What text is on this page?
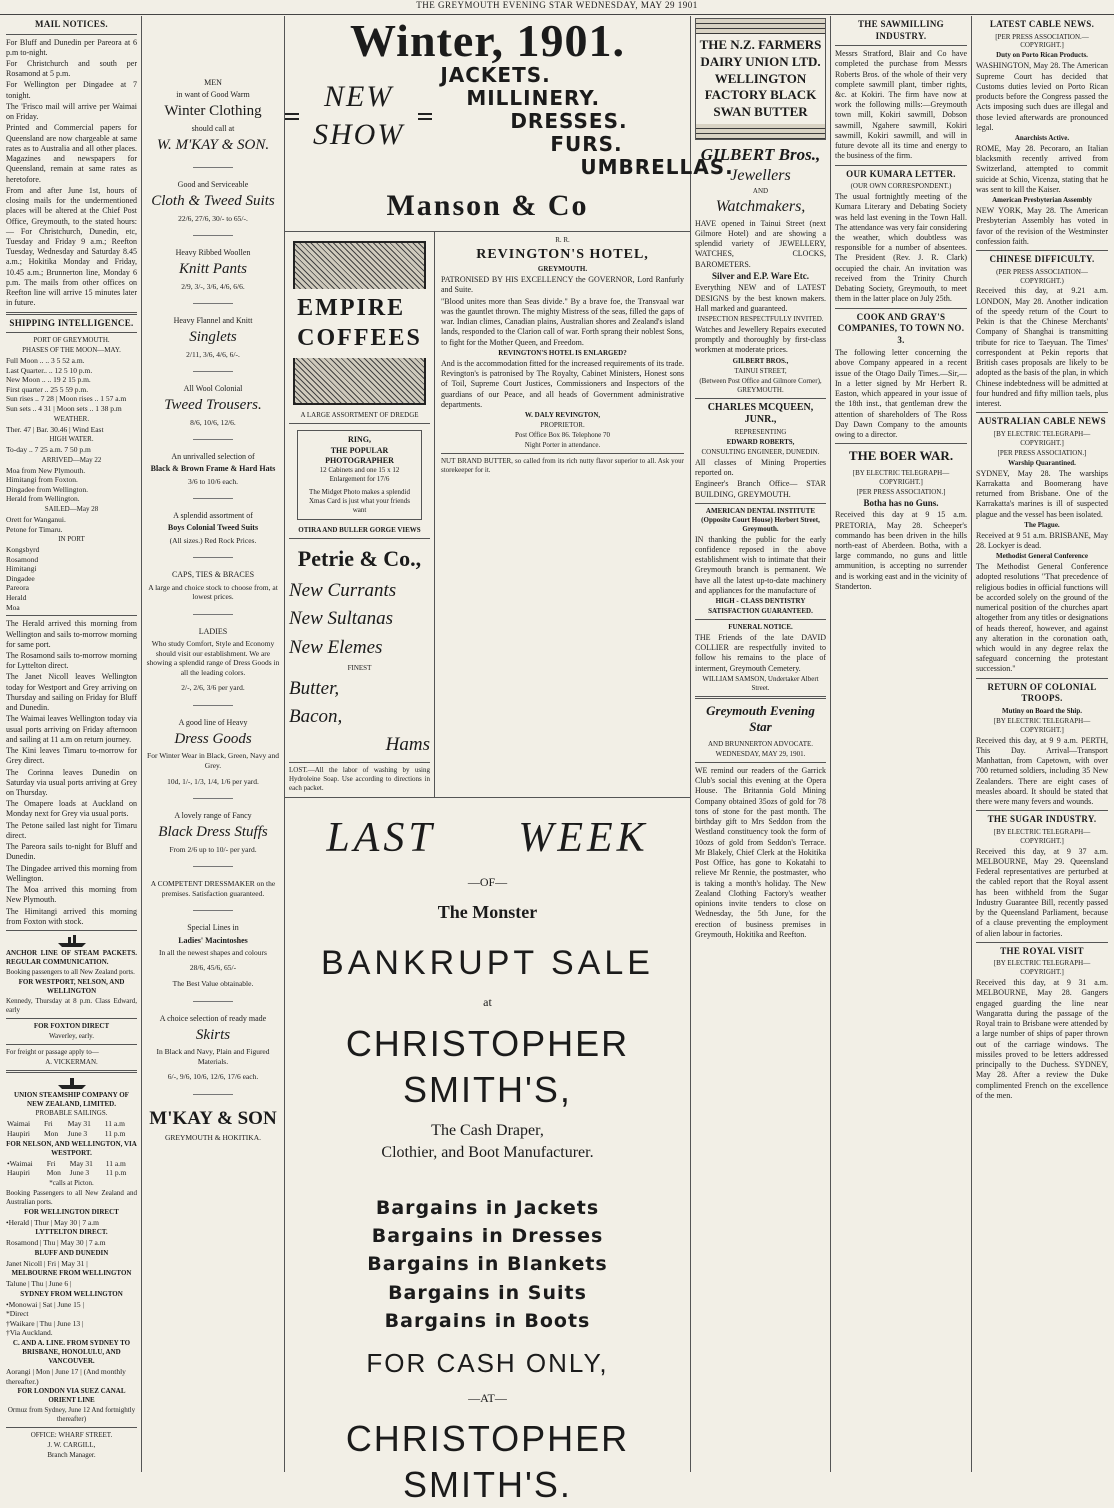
THE GREYMOUTH EVENING STAR WEDNESDAY, MAY 29 1901
MAIL NOTICES.

For Bluff and Dunedin per Pareora at 6 p.m to-night.

For Christchurch and south per Rosamond at 5 p.m.

For Wellington per Dingadee at 7 tonight.

The 'Frisco mail will arrive per Waimai on Friday.

Printed and Commercial papers for Queensland are now chargeable at same rates as to Australia and all other places. Magazines and newspapers for Queensland, remain at same rates as heretofore.

From and after June 1st, hours of closing mails for the undermentioned places will be altered at the Chief Post Office, Greymouth, to the stated hours:— For Christchurch, Dunedin, etc, Tuesday and Friday 9 a.m.; Reefton Tuesday, Wednesday and Saturday 8.45 a.m.; Hokitika Monday and Friday, 10.45 a.m.; Brunnerton line, Monday 6 p.m. The mails from other offices on Reefton line will arrive 15 minutes later in future.

SHIPPING INTELLIGENCE.
PORT OF GREYMOUTH.
PHASES OF THE MOON—MAY.
Full Moon .. .. 3 5 52 a.m.
Last Quarter.. .. 12 5 10 p.m.
New Moon .. .. 19 2 15 p.m.
First quarter .. 25 5 59 p.m.
Sun rises .. 7 28 | Moon rises .. 1 57 a.m Sun sets .. 4 31 | Moon sets .. 1 38 p.m
WEATHER.
Ther. 47 | Bar. 30.46 | Wind East
HIGH WATER.
To-day .. 7 25 a.m. 7 50 p.m
ARRIVED—May 22
Moa from New Plymouth.
Himitangi from Foxton.
Dingadee from Wellington.
Herald from Wellington.
SAILED—May 28
Orett for Wanganui.
Petone for Timaru.
IN PORT
Kongsbyrd
Rosamond
Himitangi
Dingadee
Pareora
Herald
Moa

The Herald arrived this morning from Wellington and sails to-morrow morning for same port.

The Rosamond sails to-morrow morning for Lyttelton direct.

The Janet Nicoll leaves Wellington today for Westport and Grey arriving on Thursday and sailing on Friday for Bluff and Dunedin.

The Waimai leaves Wellington today via usual ports arriving on Friday afternoon and sailing at 11 a.m on return journey.

The Kini leaves Timaru to-morrow for Grey direct.

The Corinna leaves Dunedin on Saturday via usual ports arriving at Grey on Thursday.

The Omapere loads at Auckland on Monday next for Grey via usual ports.

The Petone sailed last night for Timaru direct.

The Pareora sails to-night for Bluff and Dunedin.

The Dingadee arrived this morning from Wellington.

The Moa arrived this morning from New Plymouth.

The Himitangi arrived this morning from Foxton with stock.

ANCHOR LINE OF STEAM PACKETS. REGULAR COMMUNICATION.

Booking passengers to all New Zealand ports.

FOR WESTPORT, NELSON, AND WELLINGTON

Kennedy, Thursday at 8 p.m. Class Edward, early

FOR FOXTON DIRECT

Waverley, early.

For freight or passage apply to—

A. VICKERMAN.

UNION STEAMSHIP COMPANY OF NEW ZEALAND, LIMITED.

PROBABLE SAILINGS.
Waimai	Fri	May 31	11 a.m
Haupiri	Mon	June 3	11 p.m
FOR NELSON, AND WELLINGTON, VIA WESTPORT.
•Waimai	Fri	May 31	11 a.m
Haupiri	Mon	June 3	11 p.m
*calls at Picton.

Booking Passengers to all New Zealand and Australian ports.

FOR WELLINGTON DIRECT
•Herald | Thur | May 30 | 7 a.m
LYTTELTON DIRECT.
Rosamond | Thu | May 30 | 7 a.m
BLUFF AND DUNEDIN
Janet Nicoll | Fri | May 31 |
MELBOURNE FROM WELLINGTON
Talune | Thu | June 6 |
SYDNEY FROM WELLINGTON
•Monowai | Sat | June 15 |
*Direct
†Waikare | Thu | June 13 |
†Via Auckland.
C. AND A. LINE. FROM SYDNEY TO BRISBANE, HONOLULU, AND VANCOUVER.
Aorangi | Mon | June 17 | (And monthly thereafter.)
FOR LONDON VIA SUEZ CANAL ORIENT LINE

Ormuz from Sydney, June 12 And fortnightly thereafter)

OFFICE: WHARF STREET.
J. W. CARGILL,
Branch Manager.
MEN
in want of Good Warm
Winter Clothing
should call at
W. M'KAY & SON.
Good and Serviceable
Cloth & Tweed Suits
22/6, 27/6, 30/- to 65/-.
Heavy Ribbed Woollen
Knitt Pants
2/9, 3/-, 3/6, 4/6, 6/6.
Heavy Flannel and Knitt
Singlets
2/11, 3/6, 4/6, 6/-.
All Wool Colonial
Tweed Trousers.
8/6, 10/6, 12/6.
An unrivalled selection of
Black & Brown Frame & Hard Hats
3/6 to 10/6 each.
A splendid assortment of
Boys Colonial Tweed Suits
(All sizes.) Red Rock Prices.
CAPS, TIES & BRACES
A large and choice stock to choose from, at lowest prices.
LADIES
Who study Comfort, Style and Economy should visit our establishment. We are showing a splendid range of Dress Goods in all the leading colors.
2/-, 2/6, 3/6 per yard.
A good line of Heavy
Dress Goods
For Winter Wear in Black, Green, Navy and Grey.
10d, 1/-, 1/3, 1/4, 1/6 per yard.
A lovely range of Fancy
Black Dress Stuffs
From 2/6 up to 10/- per yard.
A COMPETENT DRESSMAKER on the premises. Satisfaction guaranteed.
Special Lines in
Ladies' Macintoshes
In all the newest shapes and colours
28/6, 45/6, 65/-
The Best Value obtainable.
A choice selection of ready made
Skirts
In Black and Navy, Plain and Figured Materials.
6/-, 9/6, 10/6, 12/6, 17/6 each.
M'KAY & SON
GREYMOUTH & HOKITIKA.
Winter, 1901.
NEW SHOW
JACKETS.
MILLINERY.
DRESSES.
FURS.
UMBRELLAS.
Manson & Co
EMPIRE COFFEES
A LARGE ASSORTMENT OF DREDGE
RING,
THE POPULAR PHOTOGRAPHER
12 Cabinets and one 15 x 12 Enlargement for 17/6
The Midget Photo makes a splendid Xmas Card is just what your friends want
OTIRA AND BULLER GORGE VIEWS
Petrie & Co.,
New Currants
New Sultanas
New Elemes
FINEST
Butter,
Bacon,
Hams

LOST.—All the labor of washing by using Hydroleine Soap. Use according to directions in each packet.

R. R.
REVINGTON'S HOTEL,
GREYMOUTH.

PATRONISED BY HIS EXCELLENCY the GOVERNOR, Lord Ranfurly and Suite.

"Blood unites more than Seas divide." By a brave foe, the Transvaal war was the gauntlet thrown. The mighty Mistress of the seas, filled the gaps of war. Indian climes, Canadian plains, Australian shores and Zealand's island lands, responded to the Clarion call of war. Forth sprang their noblest Sons, to fight for the Mother Queen, and Freedom.

REVINGTON'S HOTEL IS ENLARGED?

And is the accommodation fitted for the increased requirements of its trade. Revington's is patronised by The Royalty, Cabinet Ministers, Honest sons of Toil, Supreme Court Justices, Commissioners and Inspectors of the guardians of our Peace, and all heads of Government administrative departments.

W. DALY REVINGTON,
PROPRIETOR.
Post Office Box 86. Telephone 70
Night Porter in attendance.

NUT BRAND BUTTER, so called from its rich nutty flavor superior to all. Ask your storekeeper for it.

LAST WEEK
—OF—
The Monster
BANKRUPT SALE
at
CHRISTOPHER SMITH'S,
The Cash Draper,
Clothier, and Boot Manufacturer.
Bargains in Jackets
Bargains in Dresses
Bargains in Blankets
Bargains in Suits
Bargains in Boots
FOR CASH ONLY,
—AT—
CHRISTOPHER SMITH'S.
THE N.Z. FARMERS DAIRY UNION LTD. WELLINGTON FACTORY BLACK SWAN BUTTER
GILBERT Bros.,
Jewellers
AND
Watchmakers,

HAVE opened in Tainui Street (next Gilmore Hotel) and are showing a splendid variety of JEWELLERY, WATCHES, CLOCKS, BAROMETERS.

Silver and E.P. Ware Etc.

Everything NEW and of LATEST DESIGNS by the best known makers. Hall marked and guaranteed.

INSPECTION RESPECTFULLY INVITED.

Watches and Jewellery Repairs executed promptly and thoroughly by first-class workmen at moderate prices.

GILBERT BROS.,
TAINUI STREET,
(Between Post Office and Gilmore Corner), GREYMOUTH.
CHARLES MCQUEEN, JUNR.,
REPRESENTING
EDWARD ROBERTS,
CONSULTING ENGINEER, DUNEDIN.

All classes of Mining Properties reported on.

Engineer's Branch Office— STAR BUILDING, GREYMOUTH.

AMERICAN DENTAL INSTITUTE (Opposite Court House) Herbert Street, Greymouth.

IN thanking the public for the early confidence reposed in the above establishment wish to intimate that their Greymouth branch is permanent. We have all the latest up-to-date machinery and appliances for the manufacture of

HIGH - CLASS DENTISTRY
SATISFACTION GUARANTEED.
FUNERAL NOTICE.

THE Friends of the late DAVID COLLIER are respectfully invited to follow his remains to the place of interment, Greymouth Cemetery.

WILLIAM SAMSON, Undertaker Albert Street.
Greymouth Evening Star
AND BRUNNERTON ADVOCATE.
WEDNESDAY, MAY 29, 1901.

WE remind our readers of the Garrick Club's social this evening at the Opera House. The Britannia Gold Mining Company obtained 35ozs of gold for 78 tons of stone for the past month. The birthday gift to Mrs Seddon from the Westland constituency took the form of 10ozs of gold from Seddon's Terrace. Mr Blakely, Chief Clerk at the Hokitika Post Office, has gone to Kokatahi to relieve Mr Rennie, the postmaster, who is taking a month's holiday. The New Zealand Clothing Factory's weather opinions invite tenders to close on Wednesday, the 5th June, for the erection of business premises in Greymouth, Hokitika and Reefton.

THE SAWMILLING INDUSTRY.

Messrs Stratford, Blair and Co have completed the purchase from Messrs Roberts Bros. of the whole of their very complete sawmill plant, timber rights, &c. at Kokiri. The firm have now at work the following mills:—Greymouth town mill, Kokiri sawmill, Dobson sawmill, Ngahere sawmill, Kokiri sawmill, Kokiri sawmill, and will in future devote all its time and energy to the business of the firm.

OUR KUMARA LETTER.
(OUR OWN CORRESPONDENT.)

The usual fortnightly meeting of the Kumara Literary and Debating Society was held last evening in the Town Hall. The attendance was very fair considering the weather, which doubtless was responsible for a number of absentees. The President (Rev. J. R. Clark) occupied the chair. An invitation was received from the Trinity Church Debating Society, Greymouth, to meet them in the latter place on July 25th.

COOK AND GRAY'S COMPANIES, TO TOWN NO. 3.

The following letter concerning the above Company appeared in a recent issue of the Otago Daily Times.—Sir,—In a letter signed by Mr Herbert R. Easton, which appeared in your issue of the 18th inst., that gentleman drew the attention of shareholders of The Ross Day Dawn Company to the amounts owing to a director.

THE BOER WAR.
[BY ELECTRIC TELEGRAPH—COPYRIGHT.]
[PER PRESS ASSOCIATION.]
Botha has no Guns.

Received this day at 9 15 a.m. PRETORIA, May 28. Scheeper's commando has been driven in the hills north-east of Aberdeen. Botha, with a large commando, no guns and little ammunition, is accepting no surrender and is working east and in the vicinity of Standerton.

LATEST CABLE NEWS.
[PER PRESS ASSOCIATION.—COPYRIGHT.]
Duty on Porto Rican Products.

WASHINGTON, May 28. The American Supreme Court has decided that Customs duties levied on Porto Rican products before the Congress passed the Acts imposing such dues are illegal and those levied afterwards are pronounced legal.

Anarchists Active.

ROME, May 28. Pecoraro, an Italian blacksmith recently arrived from Switzerland, attempted to commit suicide at Schio, Vicenza, stating that he was sent to kill the Kaiser.

American Presbyterian Assembly

NEW YORK, May 28. The American Presbyterian Assembly has voted in favor of the revision of the Westminster confession faith.

CHINESE DIFFICULTY.
(PER PRESS ASSOCIATION—COPYRIGHT.)

Received this day, at 9.21 a.m. LONDON, May 28. Another indication of the speedy return of the Court to Pekin is that the Chinese Merchants' Company of Shanghai is transmitting tribute for rice to Taeyuan. The Times' correspondent at Pekin reports that British cases proposals are likely to be adopted as the basis of the plan, in which Chinese indebtedness will be admitted at four hundred and fifty million taels, plus interest.

AUSTRALIAN CABLE NEWS
[BY ELECTRIC TELEGRAPH—COPYRIGHT.]
[PER PRESS ASSOCIATION.]
Warship Quarantined.

SYDNEY, May 28. The warships Karrakatta and Boomerang have returned from Brisbane. One of the Karrakatta's marines is ill of suspected plague and the vessel has been isolated.

The Plague.

Received at 9 51 a.m. BRISBANE, May 28. Lockyer is dead.

Methodist General Conference

The Methodist General Conference adopted resolutions "That precedence of religious bodies in official functions will be accorded solely on the ground of the numerical position of the churches apart altogether from any titles or designations of heads thereof, however, and against any alteration in the coronation oath, which would in any degree relax the safeguard concerning the protestant succession."

RETURN OF COLONIAL TROOPS.
Mutiny on Board the Ship.
[BY ELECTRIC TELEGRAPH—COPYRIGHT.]

Received this day, at 9 9 a.m. PERTH, This Day. Arrival—Transport Manhattan, from Capetown, with over 700 returned soldiers, including 35 New Zealanders. There are eight cases of measles aboard. It should be stated that there were many fevers and wounds.

THE SUGAR INDUSTRY.
[BY ELECTRIC TELEGRAPH—COPYRIGHT.]

Received this day, at 9 37 a.m. MELBOURNE, May 29. Queensland Federal representatives are perturbed at the cabled report that the Royal assent has been withheld from the Sugar Industry Guarantee Bill, recently passed by the Queensland Parliament, because of a clause preventing the employment of alien labour in factories.

THE ROYAL VISIT
[BY ELECTRIC TELEGRAPH—COPYRIGHT.]

Received this day, at 9 31 a.m. MELBOURNE, May 28. Gangers engaged guarding the line near Wangaratta during the passage of the Royal train to Brisbane were attended by a large number of ships of paper thrown out of the carriage windows. The missiles proved to be letters addressed principally to the Duchess. SYDNEY, May 28. After a review the Duke complimented French on the excellence of the men.
